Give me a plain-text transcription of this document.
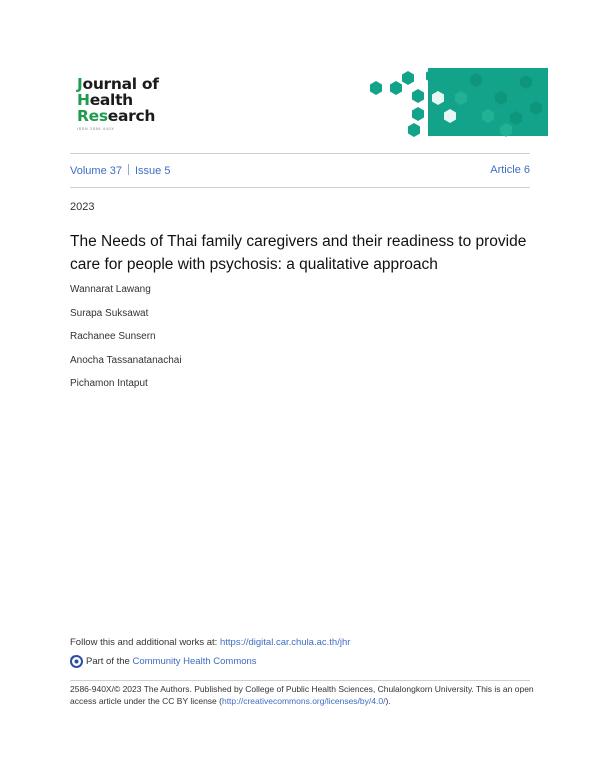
Journal of
Health
Research
ISSN 2586-940X
Volume 37 Issue 5	Article 6
2023
The Needs of Thai family caregivers and their readiness to provide care for people with psychosis: a qualitative approach
Wannarat Lawang
Surapa Suksawat
Rachanee Sunsern
Anocha Tassanatanachai
Pichamon Intaput
Follow this and additional works at: https://digital.car.chula.ac.th/jhr
Part of the
Community Health Commons
2586-940X/© 2023 The Authors. Published by College of Public Health Sciences, Chulalongkorn University. This is an open access article under the CC BY license (http://creativecommons.org/licenses/by/4.0/).
